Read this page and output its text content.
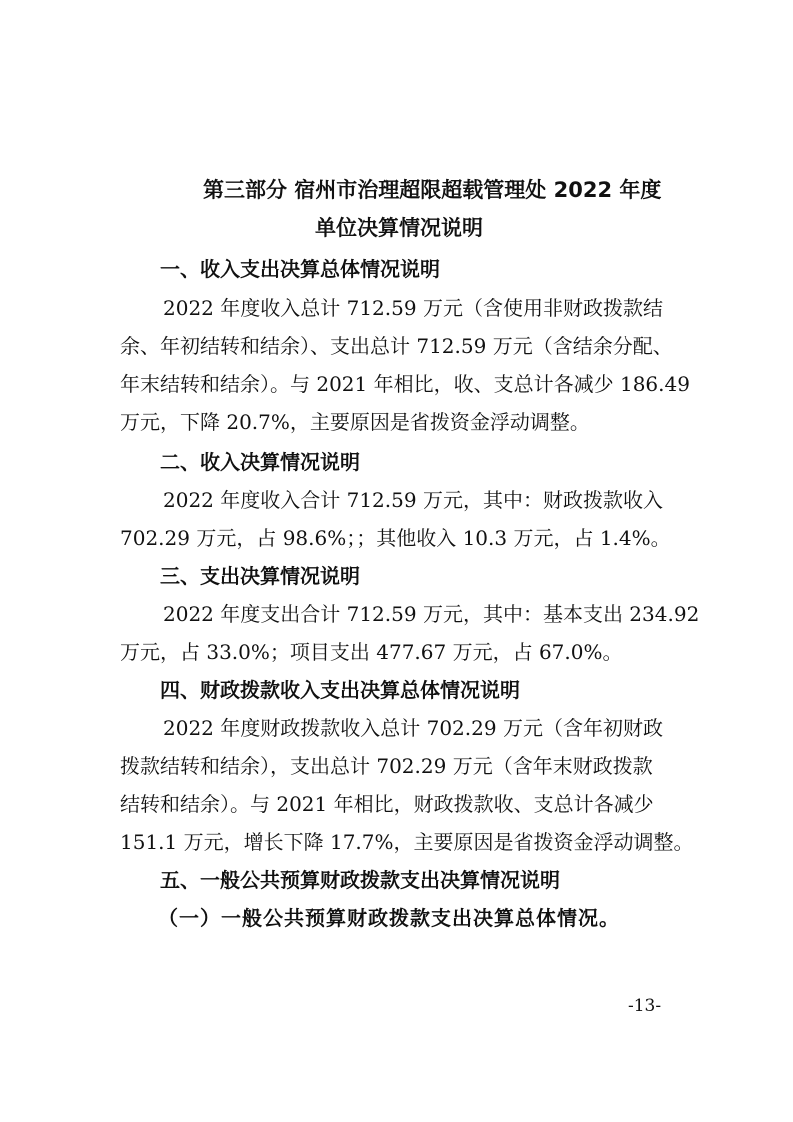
第三部分 宿州市治理超限超载管理处 2022 年度
单位决算情况说明
一、收入支出决算总体情况说明
2022 年度收入总计 712.59 万元（含使用非财政拨款结
余、年初结转和结余）、支出总计 712.59 万元（含结余分配、
年末结转和结余）。与 2021 年相比，收、支总计各减少 186.49
万元，下降 20.7%，主要原因是省拨资金浮动调整。
二、收入决算情况说明
2022 年度收入合计 712.59 万元，其中：财政拨款收入
702.29 万元，占 98.6%；；其他收入 10.3 万元，占 1.4%。
三、支出决算情况说明
2022 年度支出合计 712.59 万元，其中：基本支出 234.92
万元，占 33.0%；项目支出 477.67 万元，占 67.0%。
四、财政拨款收入支出决算总体情况说明
2022 年度财政拨款收入总计 702.29 万元（含年初财政
拨款结转和结余），支出总计 702.29 万元（含年末财政拨款
结转和结余）。与 2021 年相比，财政拨款收、支总计各减少
151.1 万元，增长下降 17.7%，主要原因是省拨资金浮动调整。
五、一般公共预算财政拨款支出决算情况说明
（一）一般公共预算财政拨款支出决算总体情况。
-13-
